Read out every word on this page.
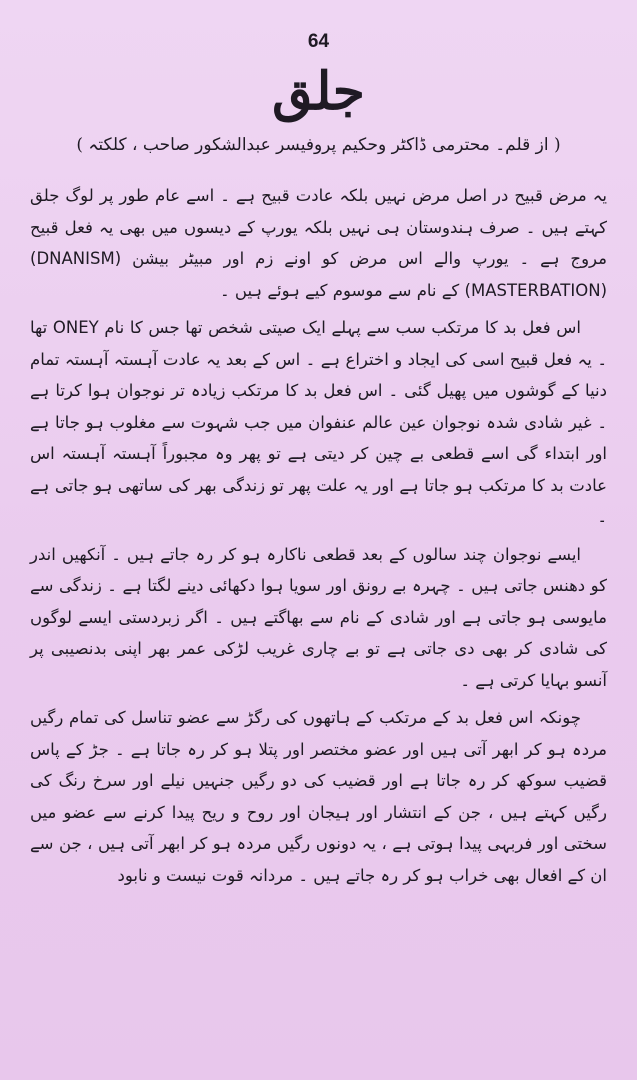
64
جلق
( از قلم۔ محترمی ڈاکٹر وحکیم پروفیسر عبدالشکور صاحب ، کلکتہ )

یہ مرض قبیح در اصل مرض نہیں بلکہ عادت قبیح ہے ۔ اسے عام طور پر لوگ جلق کہتے ہیں ۔ صرف ہندوستان ہی نہیں بلکہ یورپ کے دیسوں میں بھی یہ فعل قبیح مروج ہے ۔ یورپ والے اس مرض کو اونے زم اور مبیٹر بیشن (DNANISM) (MASTERBATION) کے نام سے موسوم کیے ہوئے ہیں ۔

اس فعل بد کا مرتکب سب سے پہلے ایک صیتی شخص تھا جس کا نام ONEY تھا ۔ یہ فعل قبیح اسی کی ایجاد و اختراع ہے ۔ اس کے بعد یہ عادت آہستہ آہستہ تمام دنیا کے گوشوں میں پھیل گئی ۔ اس فعل بد کا مرتکب زیادہ تر نوجوان ہوا کرتا ہے ۔ غیر شادی شدہ نوجوان عین عالم عنفوان میں جب شہوت سے مغلوب ہو جاتا ہے اور ابتداء گی اسے قطعی بے چین کر دیتی ہے تو پھر وہ مجبوراً آہستہ آہستہ اس عادت بد کا مرتکب ہو جاتا ہے اور یہ علت پھر تو زندگی بھر کی ساتھی ہو جاتی ہے ۔

ایسے نوجوان چند سالوں کے بعد قطعی ناکارہ ہو کر رہ جاتے ہیں ۔ آنکھیں اندر کو دھنس جاتی ہیں ۔ چہرہ بے رونق اور سویا ہوا دکھائی دینے لگتا ہے ۔ زندگی سے مایوسی ہو جاتی ہے اور شادی کے نام سے بھاگتے ہیں ۔ اگر زبردستی ایسے لوگوں کی شادی کر بھی دی جاتی ہے تو بے چاری غریب لڑکی عمر بھر اپنی بدنصیبی پر آنسو بہایا کرتی ہے ۔

چونکہ اس فعل بد کے مرتکب کے ہاتھوں کی رگڑ سے عضو تناسل کی تمام رگیں مردہ ہو کر ابھر آتی ہیں اور عضو مختصر اور پتلا ہو کر رہ جاتا ہے ۔ جڑ کے پاس قضیب سوکھ کر رہ جاتا ہے اور قضیب کی دو رگیں جنہیں نیلے اور سرخ رنگ کی رگیں کہتے ہیں ، جن کے انتشار اور ہیجان اور روح و ریح پیدا کرنے سے عضو میں سختی اور فربہی پیدا ہوتی ہے ، یہ دونوں رگیں مردہ ہو کر ابھر آتی ہیں ، جن سے ان کے افعال بھی خراب ہو کر رہ جاتے ہیں ۔ مردانہ قوت نیست و نابود
